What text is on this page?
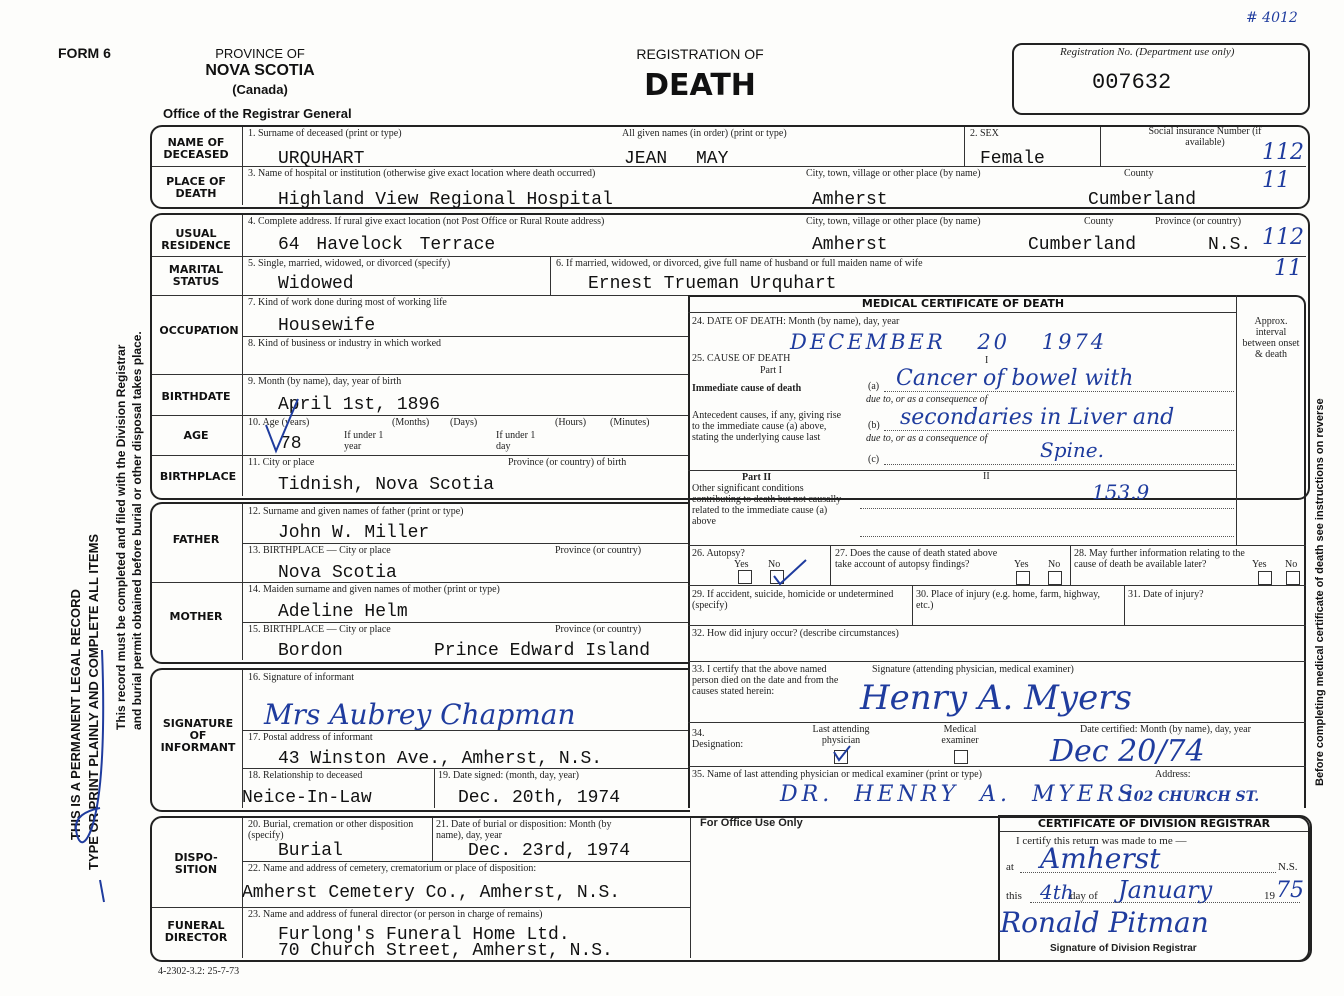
FORM 6	PROVINCE OF
NOVA SCOTIA
(Canada)
Office of the Registrar General
REGISTRATION OF
DEATH
Registration No. (Department use only)
007632
# 4012
THIS IS A PERMANENT LEGAL RECORD TYPE OR PRINT PLAINLY AND COMPLETE ALL ITEMS This record must be completed and filed with the Division Registrar and burial permit obtained before burial or other disposal takes place.	Before completing medical certificate of death see instructions on reverse
NAME OF DECEASED
PLACE OF DEATH
1. Surname of deceased (print or type)	All given names (in order) (print or type)	2. SEX	Social insurance Number (if available)
URQUHART	JEAN MAY	Female	112
3. Name of hospital or institution (otherwise give exact location where death occurred)	City, town, village or other place (by name)	County
Highland View Regional Hospital	Amherst	Cumberland
11
USUAL RESIDENCE
MARITAL STATUS
OCCUPATION
BIRTHDATE
AGE
BIRTHPLACE
4. Complete address. If rural give exact location (not Post Office or Rural Route address)	City, town, village or other place (by name)	County	Province (or country)
64 Havelock Terrace	Amherst	Cumberland	N.S. 112
11
5. Single, married, widowed, or divorced (specify)	6. If married, widowed, or divorced, give full name of husband or full maiden name of wife
Widowed	Ernest Trueman Urquhart
7. Kind of work done during most of working life
Housewife
8. Kind of business or industry in which worked
9. Month (by name), day, year of birth
April 1st, 1896
10. Age (years)	(Months) (Days)	(Hours) (Minutes)
If under 1 year
If under 1 day
78
11. City or place	Province (or country) of birth
Tidnish, Nova Scotia
MEDICAL CERTIFICATE OF DEATH
Approx. interval between onset & death
24. DATE OF DEATH: Month (by name), day, year
DECEMBER 20 1974
25. CAUSE OF DEATH
Part I
I
Immediate cause of death
Antecedent causes, if any, giving rise to the immediate cause (a) above, stating the underlying cause last
(a)
due to, or as a consequence of
(b)
due to, or as a consequence of
(c)
Cancer of bowel with
secondaries in Liver and
Spine.
II
Part II
Other significant conditions contributing to death but not causally related to the immediate cause (a) above
153.9
26. Autopsy?
Yes No
27. Does the cause of death stated above take account of autopsy findings?	Yes No
28. May further information relating to the cause of death be available later?	Yes No
29. If accident, suicide, homicide or undetermined (specify)
30. Place of injury (e.g. home, farm, highway, etc.)
31. Date of injury?
32. How did injury occur? (describe circumstances)
33. I certify that the above named person died on the date and from the causes stated herein:
Signature (attending physician, medical examiner)
Henry A. Myers
34. Designation:
Last attending physician
Medical examiner
Date certified: Month (by name), day, year
Dec 20/74
35. Name of last attending physician or medical examiner (print or type)	Address:
DR. HENRY A. MYERS
102 CHURCH ST.
FATHER
MOTHER
12. Surname and given names of father (print or type)
John W. Miller
13. BIRTHPLACE — City or place	Province (or country)
Nova Scotia
14. Maiden surname and given names of mother (print or type)
Adeline Helm
15. BIRTHPLACE — City or place	Province (or country)
Bordon	Prince Edward Island
SIGNATURE OF INFORMANT
16. Signature of informant
Mrs Aubrey Chapman
17. Postal address of informant
43 Winston Ave., Amherst, N.S.
18. Relationship to deceased	19. Date signed: (month, day, year)
Neice-In-Law	Dec. 20th, 1974
DISPO- SITION
FUNERAL DIRECTOR
20. Burial, cremation or other disposition (specify)
21. Date of burial or disposition: Month (by name), day, year
Burial	Dec. 23rd, 1974
22. Name and address of cemetery, crematorium or place of disposition:
Amherst Cemetery Co., Amherst, N.S.
23. Name and address of funeral director (or person in charge of remains)
Furlong's Funeral Home Ltd.
70 Church Street, Amherst, N.S.
For Office Use Only	CERTIFICATE OF DIVISION REGISTRAR
I certify this return was made to me —
at Amherst	N.S.
this 4th
day of January	19 75
Ronald Pitman
Signature of Division Registrar
4-2302-3.2: 25-7-73
